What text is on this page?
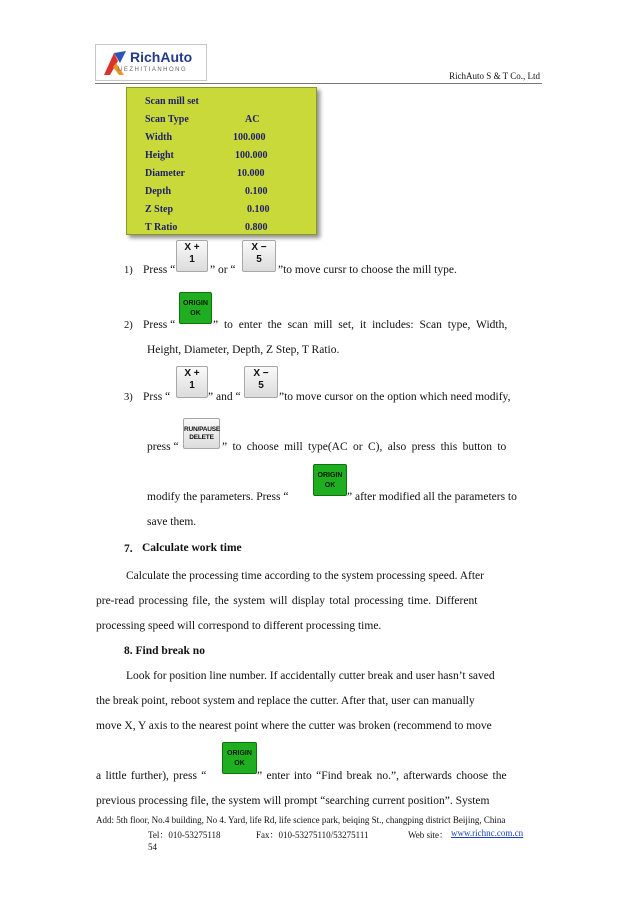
RichAuto
UEZHITIANHONG
RichAuto S & T Co., Ltd
Scan mill set
Scan Type	AC
Width	100.000
Height	100.000
Diameter	10.000
Depth	0.100
Z Step	0.100
T Ratio	0.800
1) Press “
X +
1
” or “
X −
5
”to move cursr to choose the mill type.
2) Press “
ORIGIN
OK
” to enter the scan mill set, it includes: Scan type, Width,
Height, Diameter, Depth, Z Step, T Ratio.
3) Prss “
X +
1
” and “
X −
5
”to move cursor on the option which need modify,
press “
RUN/PAUSE
DELETE
” to choose mill type(AC or C), also press this button to
modify the parameters. Press “
ORIGIN
OK
” after modified all the parameters to
save them.
7. Calculate work time
Calculate the processing time according to the system processing speed. After
pre-read processing file, the system will display total processing time. Different
processing speed will correspond to different processing time.
8. Find break no
Look for position line number. If accidentally cutter break and user hasn’t saved
the break point, reboot system and replace the cutter. After that, user can manually
move X, Y axis to the nearest point where the cutter was broken (recommend to move
a little further), press “
ORIGIN
OK
” enter into “Find break no.”, afterwards choose the
previous processing file, the system will prompt “searching current position”. System
Add: 5th floor, No.4 building, No 4. Yard, life Rd, life science park, beiqing St., changping district Beijing, China
Tel：010-53275118	Fax：010-53275110/53275111	Web site： www.richnc.com.cn
54
